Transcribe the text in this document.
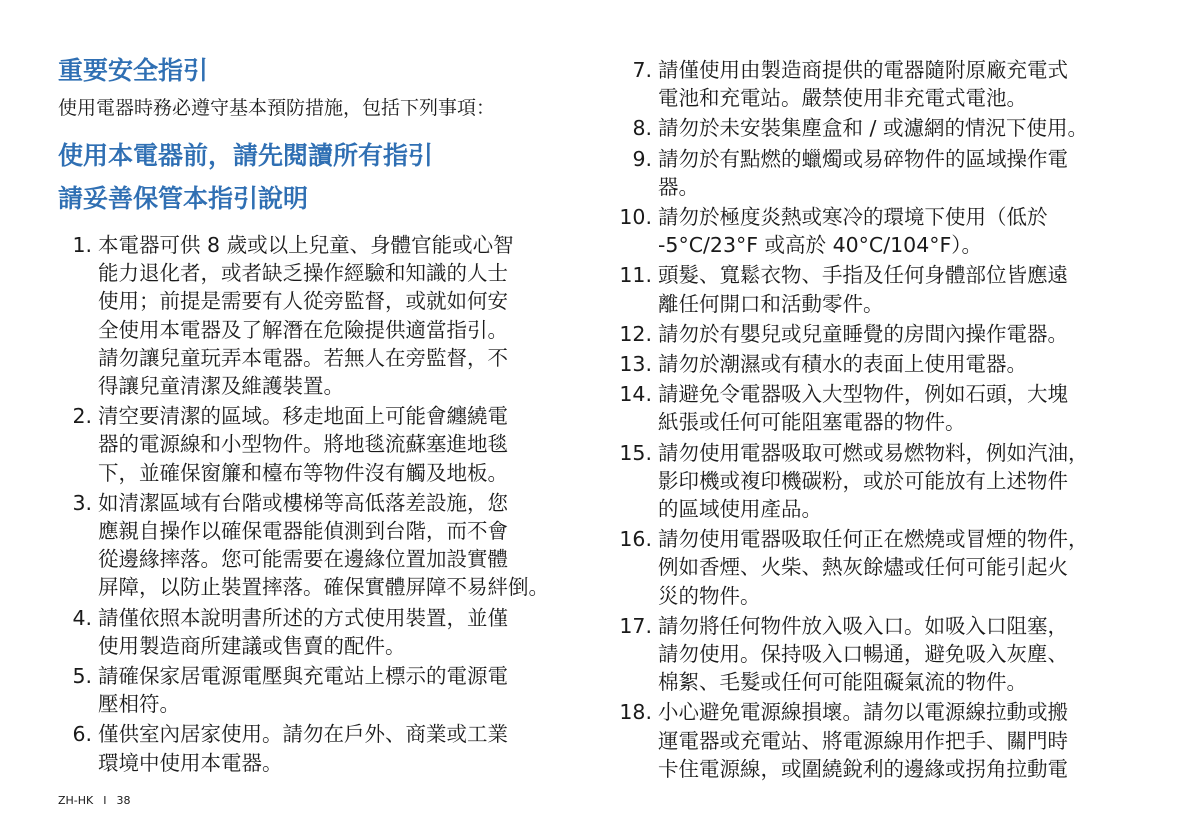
重要安全指引

使用電器時務必遵守基本預防措施，包括下列事項：

使用本電器前，請先閱讀所有指引
請妥善保管本指引說明
1. 本電器可供 8 歲或以上兒童、身體官能或心智
能力退化者，或者缺乏操作經驗和知識的人士
使用；前提是需要有人從旁監督，或就如何安
全使用本電器及了解潛在危險提供適當指引。
請勿讓兒童玩弄本電器。若無人在旁監督，不
得讓兒童清潔及維護裝置。
2. 清空要清潔的區域。移走地面上可能會纏繞電
器的電源線和小型物件。將地毯流蘇塞進地毯
下，並確保窗簾和檯布等物件沒有觸及地板。
3. 如清潔區域有台階或樓梯等高低落差設施，您
應親自操作以確保電器能偵測到台階，而不會
從邊緣摔落。您可能需要在邊緣位置加設實體
屏障，以防止裝置摔落。確保實體屏障不易絆倒。
4. 請僅依照本說明書所述的方式使用裝置，並僅
使用製造商所建議或售賣的配件。
5. 請確保家居電源電壓與充電站上標示的電源電
壓相符。
6. 僅供室內居家使用。請勿在戶外、商業或工業
環境中使用本電器。
7. 請僅使用由製造商提供的電器隨附原廠充電式
電池和充電站。嚴禁使用非充電式電池。
8. 請勿於未安裝集塵盒和 / 或濾網的情況下使用。
9. 請勿於有點燃的蠟燭或易碎物件的區域操作電
器。
10. 請勿於極度炎熱或寒冷的環境下使用（低於
-5°C/23°F 或高於 40°C/104°F）。
11. 頭髮、寬鬆衣物、手指及任何身體部位皆應遠
離任何開口和活動零件。
12. 請勿於有嬰兒或兒童睡覺的房間內操作電器。
13. 請勿於潮濕或有積水的表面上使用電器。
14. 請避免令電器吸入大型物件，例如石頭，大塊
紙張或任何可能阻塞電器的物件。
15. 請勿使用電器吸取可燃或易燃物料，例如汽油，
影印機或複印機碳粉，或於可能放有上述物件
的區域使用產品。
16. 請勿使用電器吸取任何正在燃燒或冒煙的物件，
例如香煙、火柴、熱灰餘燼或任何可能引起火
災的物件。
17. 請勿將任何物件放入吸入口。如吸入口阻塞，
請勿使用。保持吸入口暢通，避免吸入灰塵、
棉絮、毛髮或任何可能阻礙氣流的物件。
18. 小心避免電源線損壞。請勿以電源線拉動或搬
運電器或充電站、將電源線用作把手、關門時
卡住電源線，或圍繞銳利的邊緣或拐角拉動電
ZH-HK I 38
